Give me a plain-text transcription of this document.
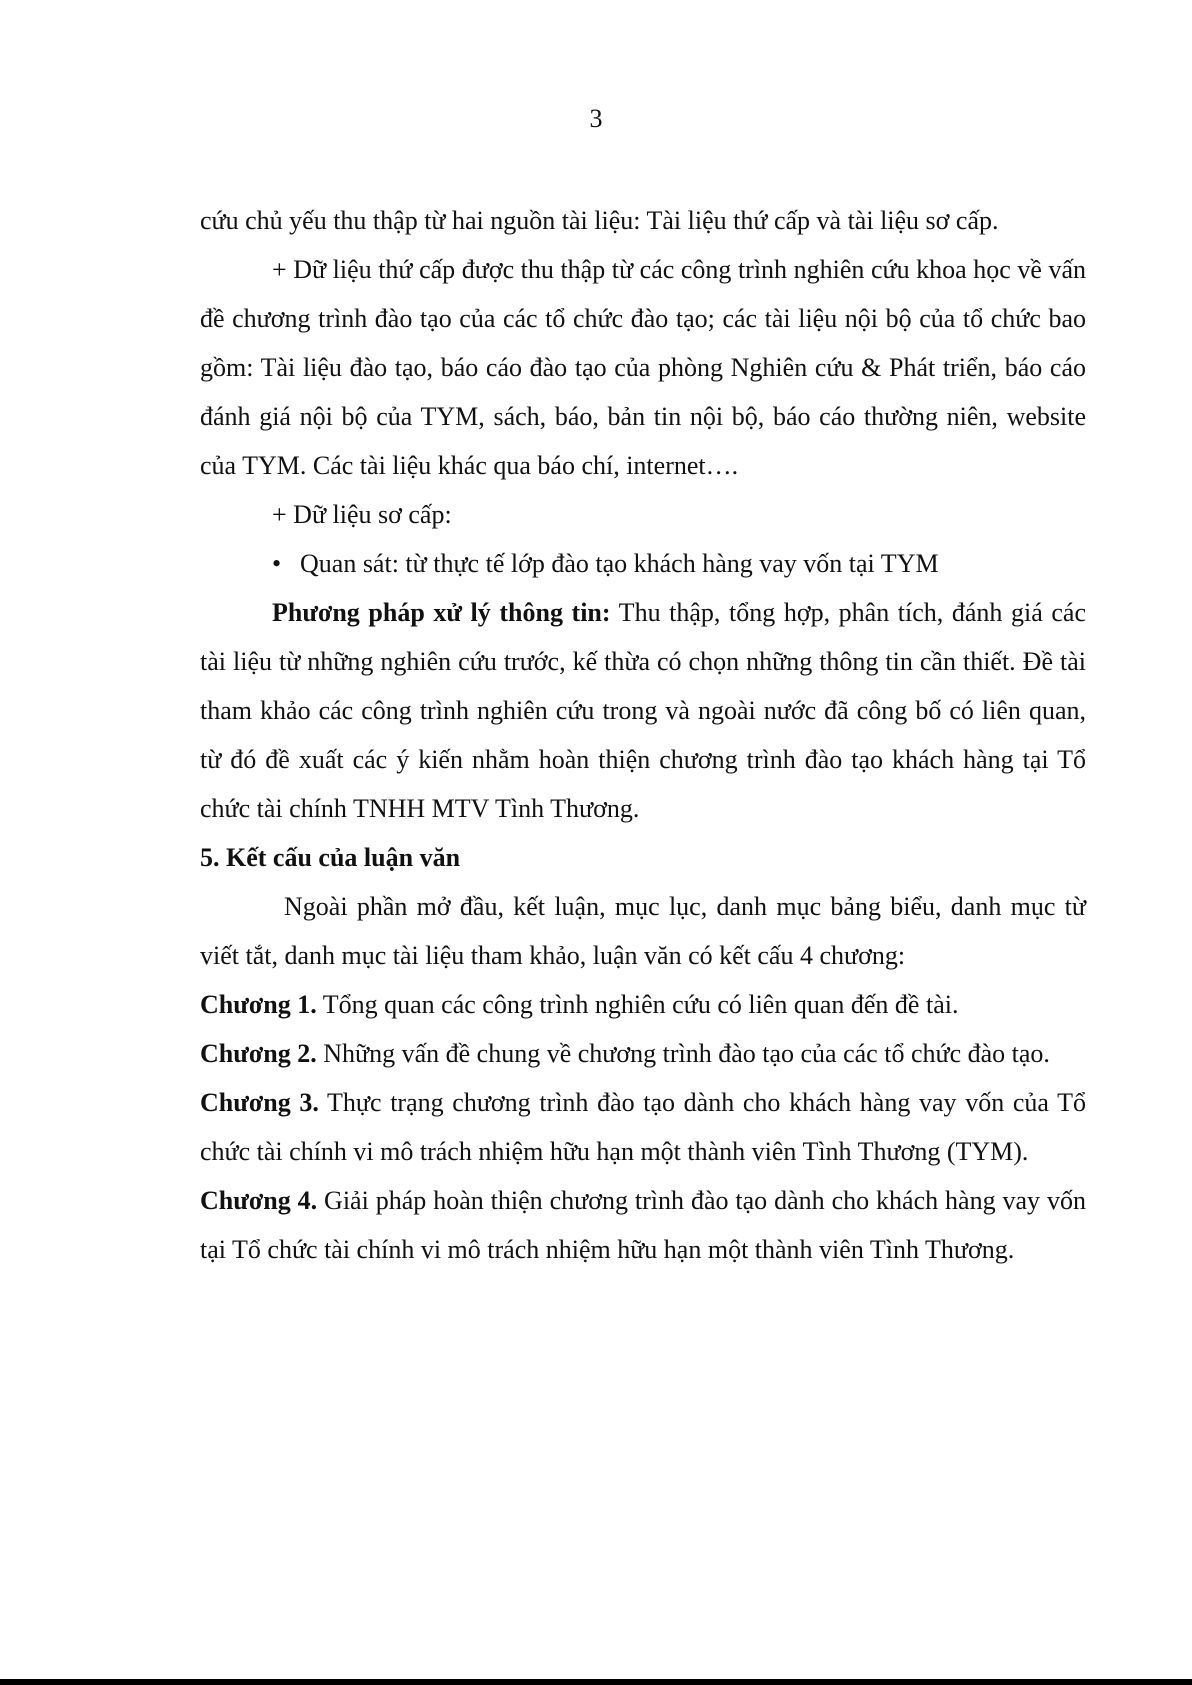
3

cứu chủ yếu thu thập từ hai nguồn tài liệu: Tài liệu thứ cấp và tài liệu sơ cấp.

+ Dữ liệu thứ cấp được thu thập từ các công trình nghiên cứu khoa học về vấn đề chương trình đào tạo của các tổ chức đào tạo; các tài liệu nội bộ của tổ chức bao gồm: Tài liệu đào tạo, báo cáo đào tạo của phòng Nghiên cứu & Phát triển, báo cáo đánh giá nội bộ của TYM, sách, báo, bản tin nội bộ, báo cáo thường niên, website của TYM. Các tài liệu khác qua báo chí, internet….

+ Dữ liệu sơ cấp:

• Quan sát: từ thực tế lớp đào tạo khách hàng vay vốn tại TYM

Phương pháp xử lý thông tin: Thu thập, tổng hợp, phân tích, đánh giá các tài liệu từ những nghiên cứu trước, kế thừa có chọn những thông tin cần thiết. Đề tài tham khảo các công trình nghiên cứu trong và ngoài nước đã công bố có liên quan, từ đó đề xuất các ý kiến nhằm hoàn thiện chương trình đào tạo khách hàng tại Tổ chức tài chính TNHH MTV Tình Thương.

5. Kết cấu của luận văn

Ngoài phần mở đầu, kết luận, mục lục, danh mục bảng biểu, danh mục từ viết tắt, danh mục tài liệu tham khảo, luận văn có kết cấu 4 chương:

Chương 1. Tổng quan các công trình nghiên cứu có liên quan đến đề tài.

Chương 2. Những vấn đề chung về chương trình đào tạo của các tổ chức đào tạo.

Chương 3. Thực trạng chương trình đào tạo dành cho khách hàng vay vốn của Tổ chức tài chính vi mô trách nhiệm hữu hạn một thành viên Tình Thương (TYM).

Chương 4. Giải pháp hoàn thiện chương trình đào tạo dành cho khách hàng vay vốn tại Tổ chức tài chính vi mô trách nhiệm hữu hạn một thành viên Tình Thương.
